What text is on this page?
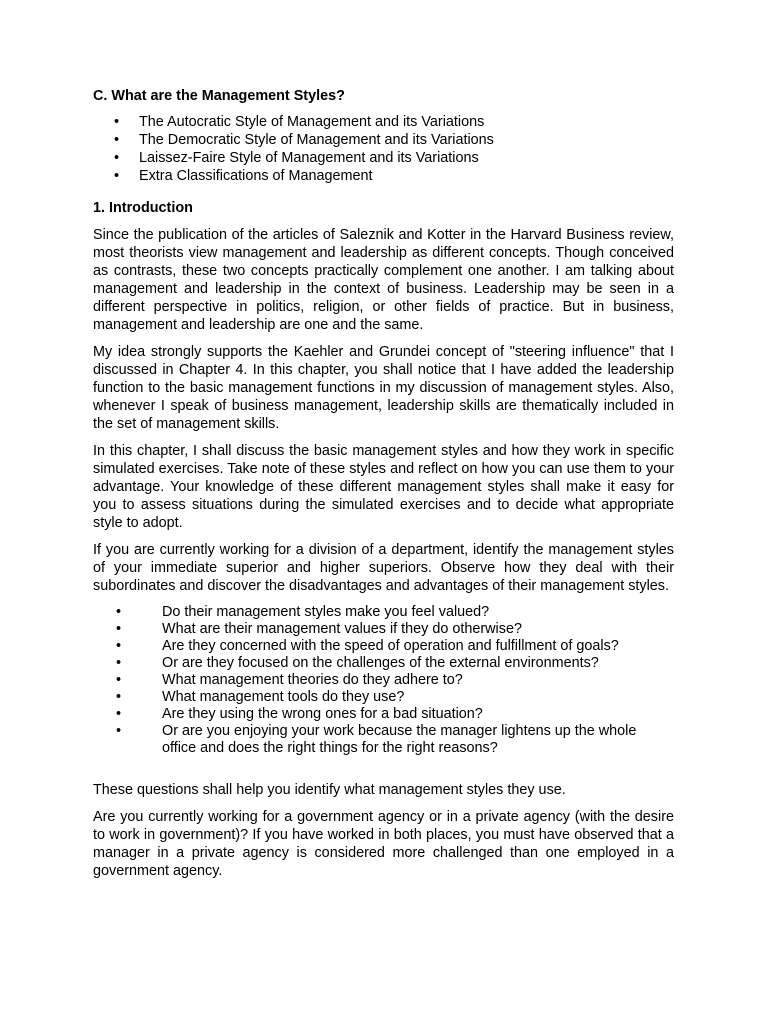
C. What are the Management Styles?
• The Autocratic Style of Management and its Variations
• The Democratic Style of Management and its Variations
• Laissez-Faire Style of Management and its Variations
• Extra Classifications of Management
1. Introduction

Since the publication of the articles of Saleznik and Kotter in the Harvard Business review, most theorists view management and leadership as different concepts. Though conceived as contrasts, these two concepts practically complement one another. I am talking about management and leadership in the context of business. Leadership may be seen in a different perspective in politics, religion, or other fields of practice. But in business, management and leadership are one and the same.

My idea strongly supports the Kaehler and Grundei concept of "steering influence" that I discussed in Chapter 4. In this chapter, you shall notice that I have added the leadership function to the basic management functions in my discussion of management styles. Also, whenever I speak of business management, leadership skills are thematically included in the set of management skills.

In this chapter, I shall discuss the basic management styles and how they work in specific simulated exercises. Take note of these styles and reflect on how you can use them to your advantage. Your knowledge of these different management styles shall make it easy for you to assess situations during the simulated exercises and to decide what appropriate style to adopt.

If you are currently working for a division of a department, identify the management styles of your immediate superior and higher superiors. Observe how they deal with their subordinates and discover the disadvantages and advantages of their management styles.

•	Do their management styles make you feel valued?
•	What are their management values if they do otherwise?
•	Are they concerned with the speed of operation and fulfillment of goals?
•	Or are they focused on the challenges of the external environments?
•	What management theories do they adhere to?
•	What management tools do they use?
•	Are they using the wrong ones for a bad situation?
•	Or are you enjoying your work because the manager lightens up the whole office and does the right things for the right reasons?

These questions shall help you identify what management styles they use.

Are you currently working for a government agency or in a private agency (with the desire to work in government)? If you have worked in both places, you must have observed that a manager in a private agency is considered more challenged than one employed in a government agency.
